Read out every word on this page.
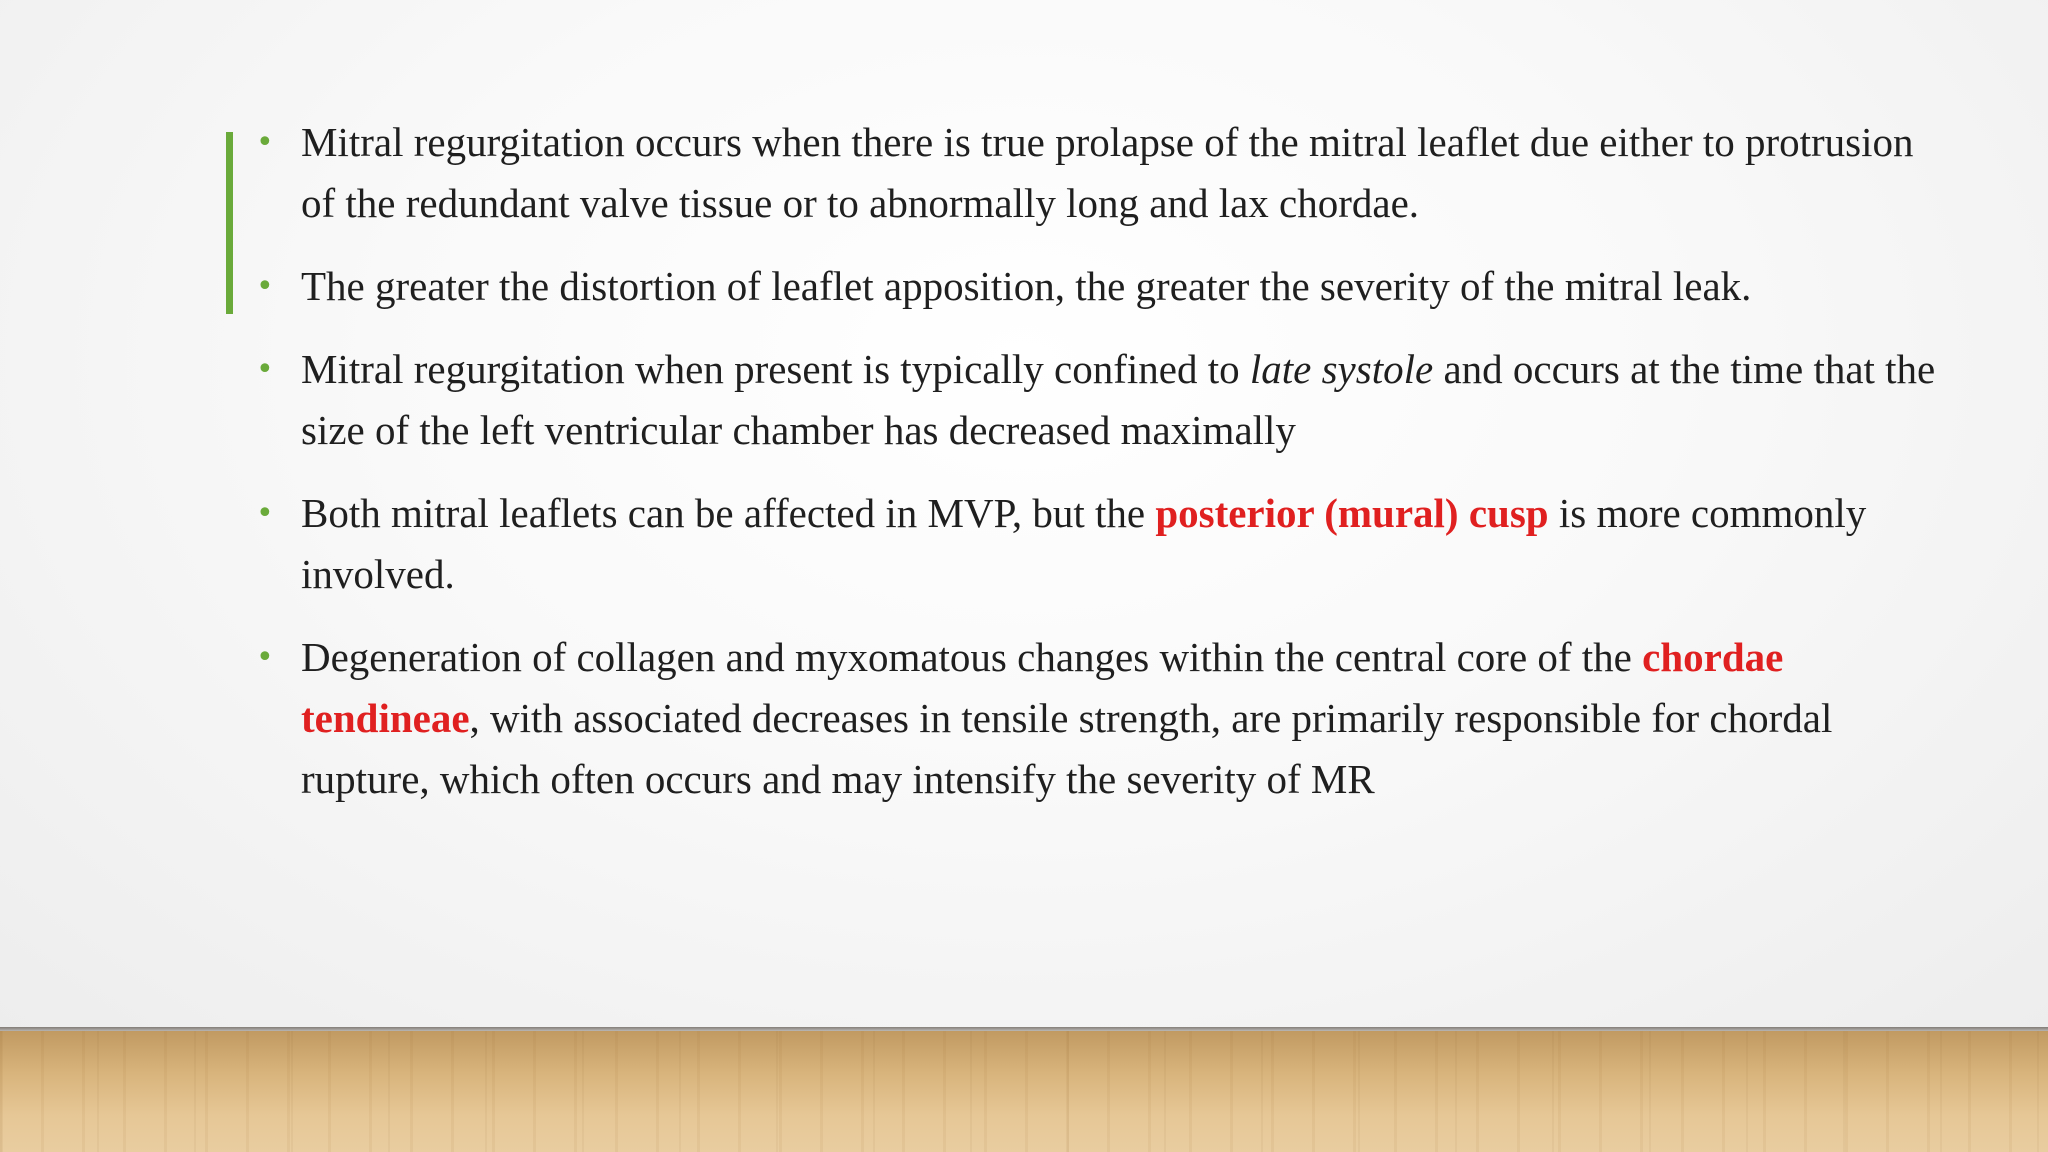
• Mitral regurgitation occurs when there is true prolapse of the mitral leaflet due either to protrusion of the redundant valve tissue or to abnormally long and lax chordae.
• The greater the distortion of leaflet apposition, the greater the severity of the mitral leak.
• Mitral regurgitation when present is typically confined to late systole and occurs at the time that the size of the left ventricular chamber has decreased maximally
• Both mitral leaflets can be affected in MVP, but the posterior (mural) cusp is more commonly involved.
• Degeneration of collagen and myxomatous changes within the central core of the chordae tendineae, with associated decreases in tensile strength, are primarily responsible for chordal rupture, which often occurs and may intensify the severity of MR
